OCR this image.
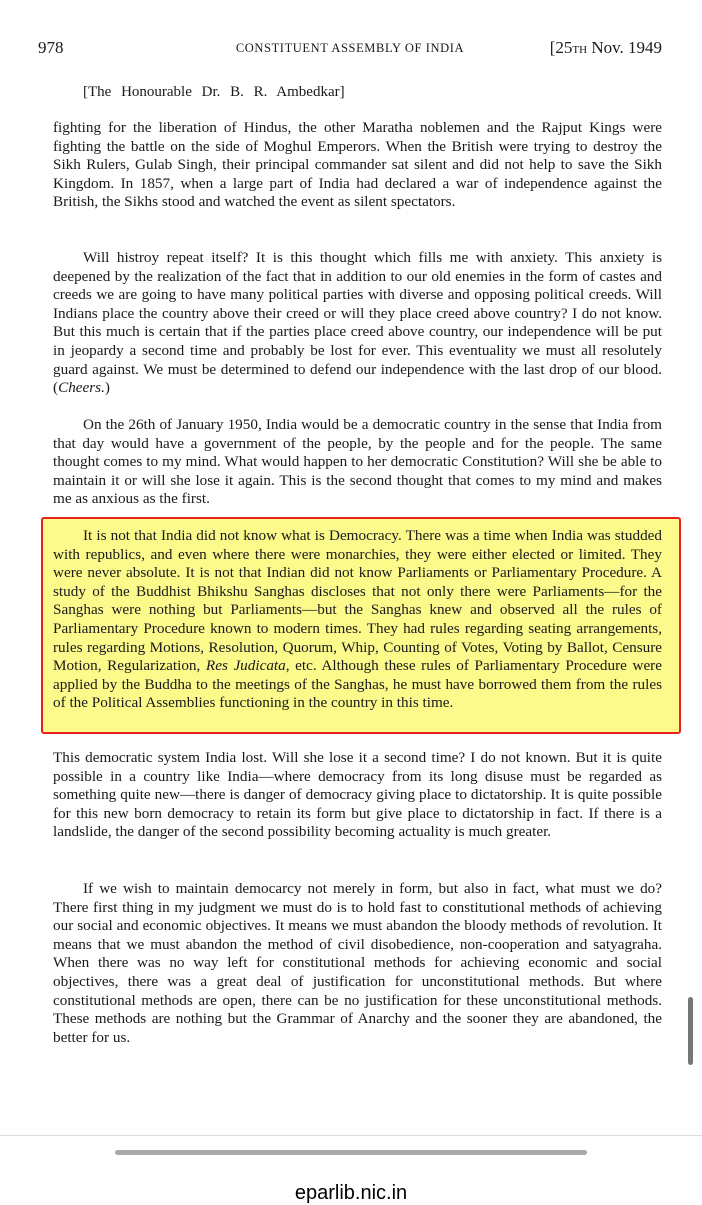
978	CONSTITUENT ASSEMBLY OF INDIA	[25TH Nov. 1949
[The Honourable Dr. B. R. Ambedkar]

fighting for the liberation of Hindus, the other Maratha noblemen and the Rajput Kings were fighting the battle on the side of Moghul Emperors. When the British were trying to destroy the Sikh Rulers, Gulab Singh, their principal commander sat silent and did not help to save the Sikh Kingdom. In 1857, when a large part of India had declared a war of independence against the British, the Sikhs stood and watched the event as silent spectators.

Will histroy repeat itself? It is this thought which fills me with anxiety. This anxiety is deepened by the realization of the fact that in addition to our old enemies in the form of castes and creeds we are going to have many political parties with diverse and opposing political creeds. Will Indians place the country above their creed or will they place creed above country? I do not know. But this much is certain that if the parties place creed above country, our independence will be put in jeopardy a second time and probably be lost for ever. This eventuality we must all resolutely guard against. We must be determined to defend our independence with the last drop of our blood. (Cheers.)

On the 26th of January 1950, India would be a democratic country in the sense that India from that day would have a government of the people, by the people and for the people. The same thought comes to my mind. What would happen to her democratic Constitution? Will she be able to maintain it or will she lose it again. This is the second thought that comes to my mind and makes me as anxious as the first.

It is not that India did not know what is Democracy. There was a time when India was studded with republics, and even where there were monarchies, they were either elected or limited. They were never absolute. It is not that Indian did not know Parliaments or Parliamentary Procedure. A study of the Buddhist Bhikshu Sanghas discloses that not only there were Parliaments—for the Sanghas were nothing but Parliaments—but the Sanghas knew and observed all the rules of Parliamentary Procedure known to modern times. They had rules regarding seating arrangements, rules regarding Motions, Resolution, Quorum, Whip, Counting of Votes, Voting by Ballot, Censure Motion, Regularization, Res Judicata, etc. Although these rules of Parliamentary Procedure were applied by the Buddha to the meetings of the Sanghas, he must have borrowed them from the rules of the Political Assemblies functioning in the country in this time.

This democratic system India lost. Will she lose it a second time? I do not known. But it is quite possible in a country like India—where democracy from its long disuse must be regarded as something quite new—there is danger of democracy giving place to dictatorship. It is quite possible for this new born democracy to retain its form but give place to dictatorship in fact. If there is a landslide, the danger of the second possibility becoming actuality is much greater.

If we wish to maintain democarcy not merely in form, but also in fact, what must we do? There first thing in my judgment we must do is to hold fast to constitutional methods of achieving our social and economic objectives. It means we must abandon the bloody methods of revolution. It means that we must abandon the method of civil disobedience, non-cooperation and satyagraha. When there was no way left for constitutional methods for achieving economic and social objectives, there was a great deal of justification for unconstitutional methods. But where constitutional methods are open, there can be no justification for these unconstitutional methods. These methods are nothing but the Grammar of Anarchy and the sooner they are abandoned, the better for us.

eparlib.nic.in
